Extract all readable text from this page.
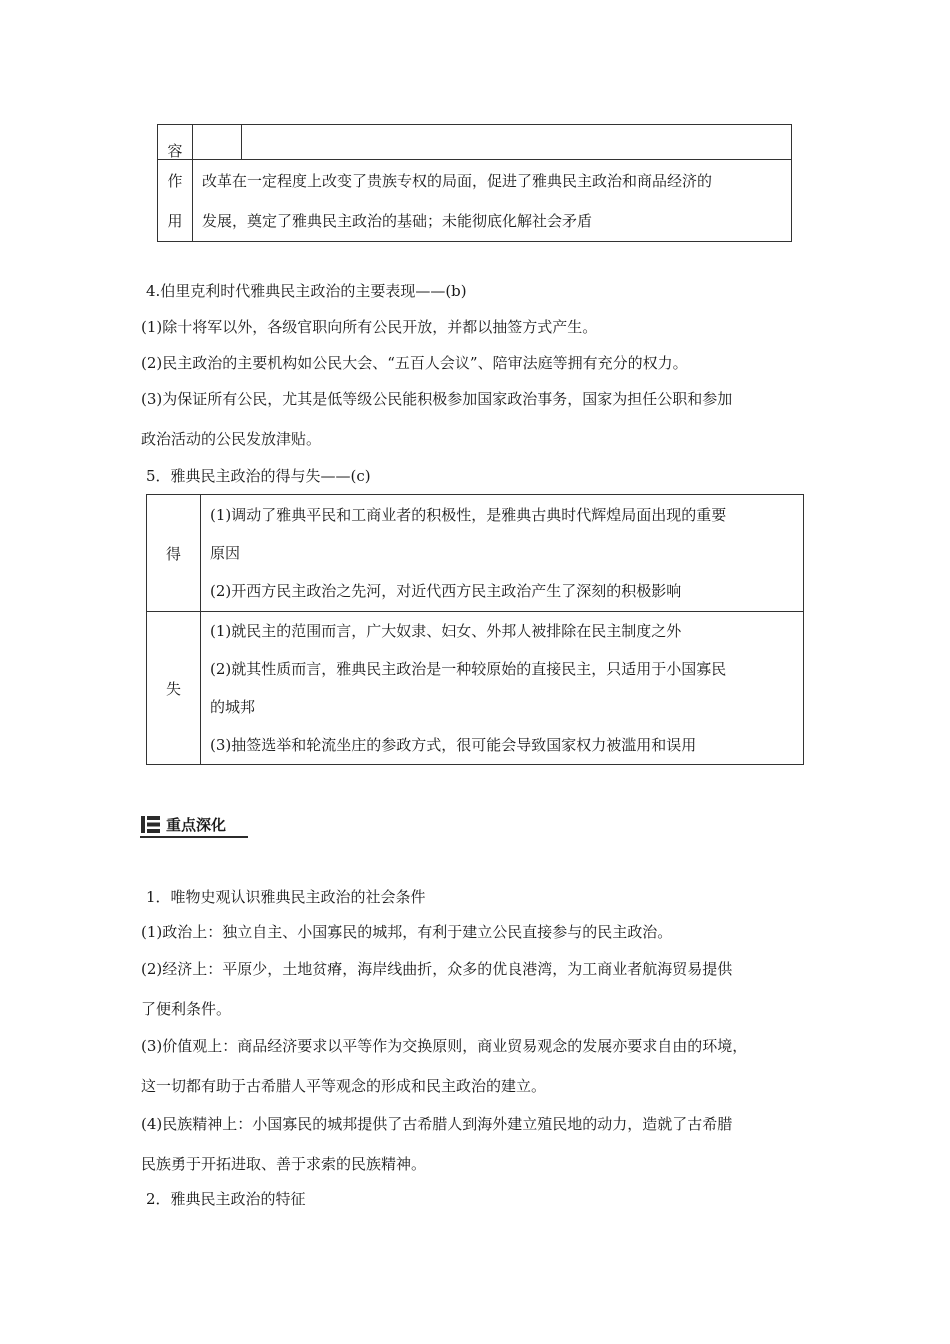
容		

作
用	改革在一定程度上改变了贵族专权的局面，促进了雅典民主政治和商品经济的
发展，奠定了雅典民主政治的基础；未能彻底化解社会矛盾	
4.伯里克利时代雅典民主政治的主要表现——(b)
(1)除十将军以外，各级官职向所有公民开放，并都以抽签方式产生。
(2)民主政治的主要机构如公民大会、“五百人会议”、陪审法庭等拥有充分的权力。
(3)为保证所有公民，尤其是低等级公民能积极参加国家政治事务，国家为担任公职和参加
政治活动的公民发放津贴。
5．雅典民主政治的得与失——(c)
得	(1)调动了雅典平民和工商业者的积极性，是雅典古典时代辉煌局面出现的重要
原因
(2)开西方民主政治之先河，对近代西方民主政治产生了深刻的积极影响

失	(1)就民主的范围而言，广大奴隶、妇女、外邦人被排除在民主制度之外
(2)就其性质而言，雅典民主政治是一种较原始的直接民主，只适用于小国寡民
的城邦
(3)抽签选举和轮流坐庄的参政方式，很可能会导致国家权力被滥用和误用
重点深化
1．唯物史观认识雅典民主政治的社会条件
(1)政治上：独立自主、小国寡民的城邦，有利于建立公民直接参与的民主政治。
(2)经济上：平原少，土地贫瘠，海岸线曲折，众多的优良港湾，为工商业者航海贸易提供
了便利条件。
(3)价值观上：商品经济要求以平等作为交换原则，商业贸易观念的发展亦要求自由的环境，
这一切都有助于古希腊人平等观念的形成和民主政治的建立。
(4)民族精神上：小国寡民的城邦提供了古希腊人到海外建立殖民地的动力，造就了古希腊
民族勇于开拓进取、善于求索的民族精神。
2．雅典民主政治的特征
